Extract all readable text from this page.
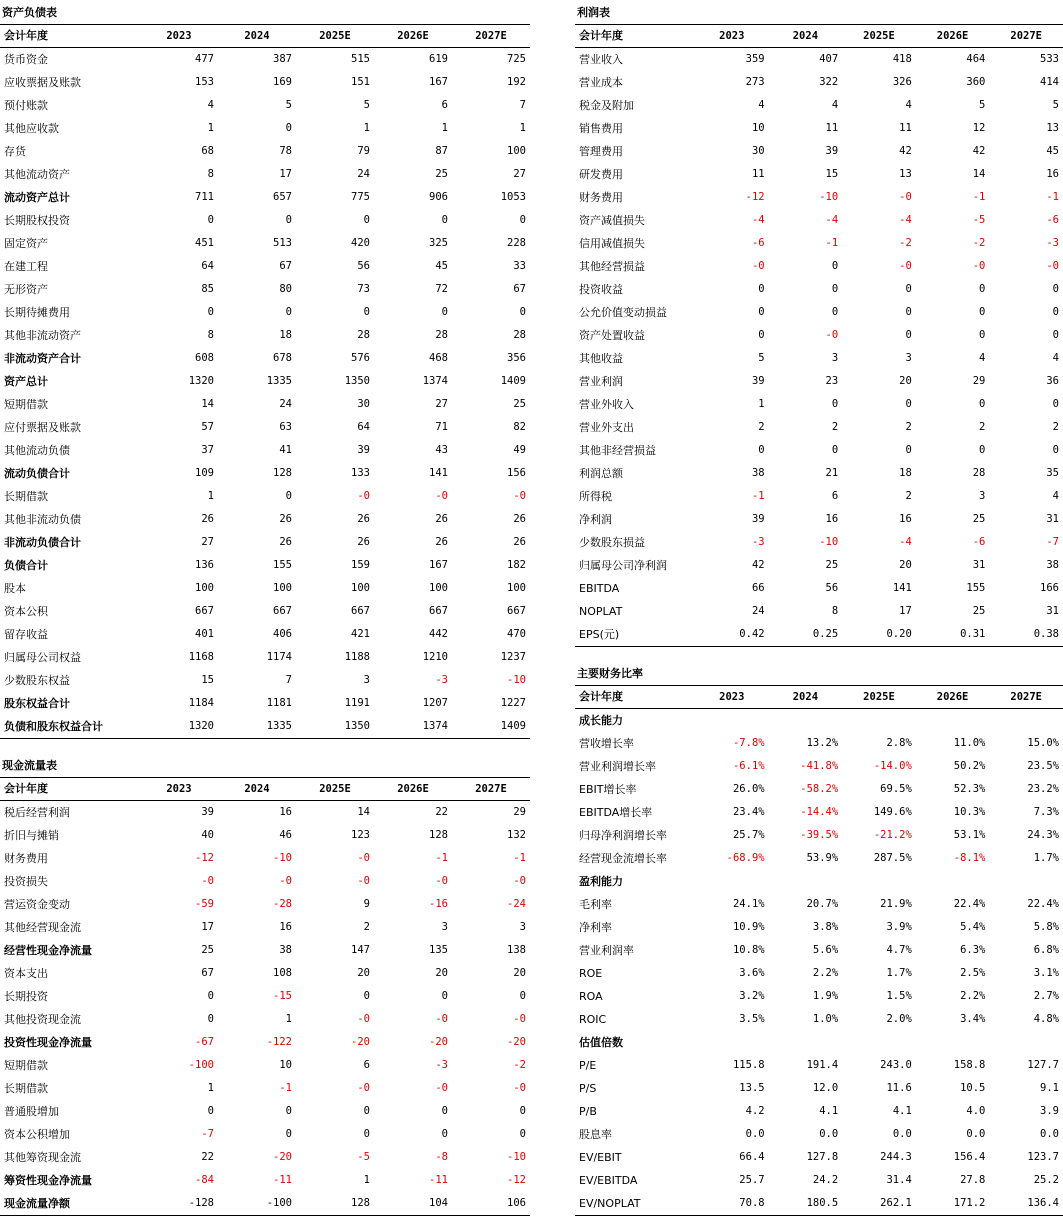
资产负债表
会计年度	2023	2024	2025E	2026E	2027E
货币资金	477	387	515	619	725
应收票据及账款	153	169	151	167	192
预付账款	4	5	5	6	7
其他应收款	1	0	1	1	1
存货	68	78	79	87	100
其他流动资产	8	17	24	25	27
流动资产总计	711	657	775	906	1053
长期股权投资	0	0	0	0	0
固定资产	451	513	420	325	228
在建工程	64	67	56	45	33
无形资产	85	80	73	72	67
长期待摊费用	0	0	0	0	0
其他非流动资产	8	18	28	28	28
非流动资产合计	608	678	576	468	356
资产总计	1320	1335	1350	1374	1409
短期借款	14	24	30	27	25
应付票据及账款	57	63	64	71	82
其他流动负债	37	41	39	43	49
流动负债合计	109	128	133	141	156
长期借款	1	0	-0	-0	-0
其他非流动负债	26	26	26	26	26
非流动负债合计	27	26	26	26	26
负债合计	136	155	159	167	182
股本	100	100	100	100	100
资本公积	667	667	667	667	667
留存收益	401	406	421	442	470
归属母公司权益	1168	1174	1188	1210	1237
少数股东权益	15	7	3	-3	-10
股东权益合计	1184	1181	1191	1207	1227
负债和股东权益合计	1320	1335	1350	1374	1409
利润表
会计年度	2023	2024	2025E	2026E	2027E
营业收入	359	407	418	464	533
营业成本	273	322	326	360	414
税金及附加	4	4	4	5	5
销售费用	10	11	11	12	13
管理费用	30	39	42	42	45
研发费用	11	15	13	14	16
财务费用	-12	-10	-0	-1	-1
资产减值损失	-4	-4	-4	-5	-6
信用减值损失	-6	-1	-2	-2	-3
其他经营损益	-0	0	-0	-0	-0
投资收益	0	0	0	0	0
公允价值变动损益	0	0	0	0	0
资产处置收益	0	-0	0	0	0
其他收益	5	3	3	4	4
营业利润	39	23	20	29	36
营业外收入	1	0	0	0	0
营业外支出	2	2	2	2	2
其他非经营损益	0	0	0	0	0
利润总额	38	21	18	28	35
所得税	-1	6	2	3	4
净利润	39	16	16	25	31
少数股东损益	-3	-10	-4	-6	-7
归属母公司净利润	42	25	20	31	38
EBITDA	66	56	141	155	166
NOPLAT	24	8	17	25	31
EPS(元)	0.42	0.25	0.20	0.31	0.38
现金流量表
会计年度	2023	2024	2025E	2026E	2027E
税后经营利润	39	16	14	22	29
折旧与摊销	40	46	123	128	132
财务费用	-12	-10	-0	-1	-1
投资损失	-0	-0	-0	-0	-0
营运资金变动	-59	-28	9	-16	-24
其他经营现金流	17	16	2	3	3
经营性现金净流量	25	38	147	135	138
资本支出	67	108	20	20	20
长期投资	0	-15	0	0	0
其他投资现金流	0	1	-0	-0	-0
投资性现金净流量	-67	-122	-20	-20	-20
短期借款	-100	10	6	-3	-2
长期借款	1	-1	-0	-0	-0
普通股增加	0	0	0	0	0
资本公积增加	-7	0	0	0	0
其他筹资现金流	22	-20	-5	-8	-10
筹资性现金净流量	-84	-11	1	-11	-12
现金流量净额	-128	-100	128	104	106
主要财务比率
会计年度	2023	2024	2025E	2026E	2027E
成长能力					
营收增长率	-7.8%	13.2%	2.8%	11.0%	15.0%
营业利润增长率	-6.1%	-41.8%	-14.0%	50.2%	23.5%
EBIT增长率	26.0%	-58.2%	69.5%	52.3%	23.2%
EBITDA增长率	23.4%	-14.4%	149.6%	10.3%	7.3%
归母净利润增长率	25.7%	-39.5%	-21.2%	53.1%	24.3%
经营现金流增长率	-68.9%	53.9%	287.5%	-8.1%	1.7%
盈利能力					
毛利率	24.1%	20.7%	21.9%	22.4%	22.4%
净利率	10.9%	3.8%	3.9%	5.4%	5.8%
营业利润率	10.8%	5.6%	4.7%	6.3%	6.8%
ROE	3.6%	2.2%	1.7%	2.5%	3.1%
ROA	3.2%	1.9%	1.5%	2.2%	2.7%
ROIC	3.5%	1.0%	2.0%	3.4%	4.8%
估值倍数					
P/E	115.8	191.4	243.0	158.8	127.7
P/S	13.5	12.0	11.6	10.5	9.1
P/B	4.2	4.1	4.1	4.0	3.9
股息率	0.0	0.0	0.0	0.0	0.0
EV/EBIT	66.4	127.8	244.3	156.4	123.7
EV/EBITDA	25.7	24.2	31.4	27.8	25.2
EV/NOPLAT	70.8	180.5	262.1	171.2	136.4
